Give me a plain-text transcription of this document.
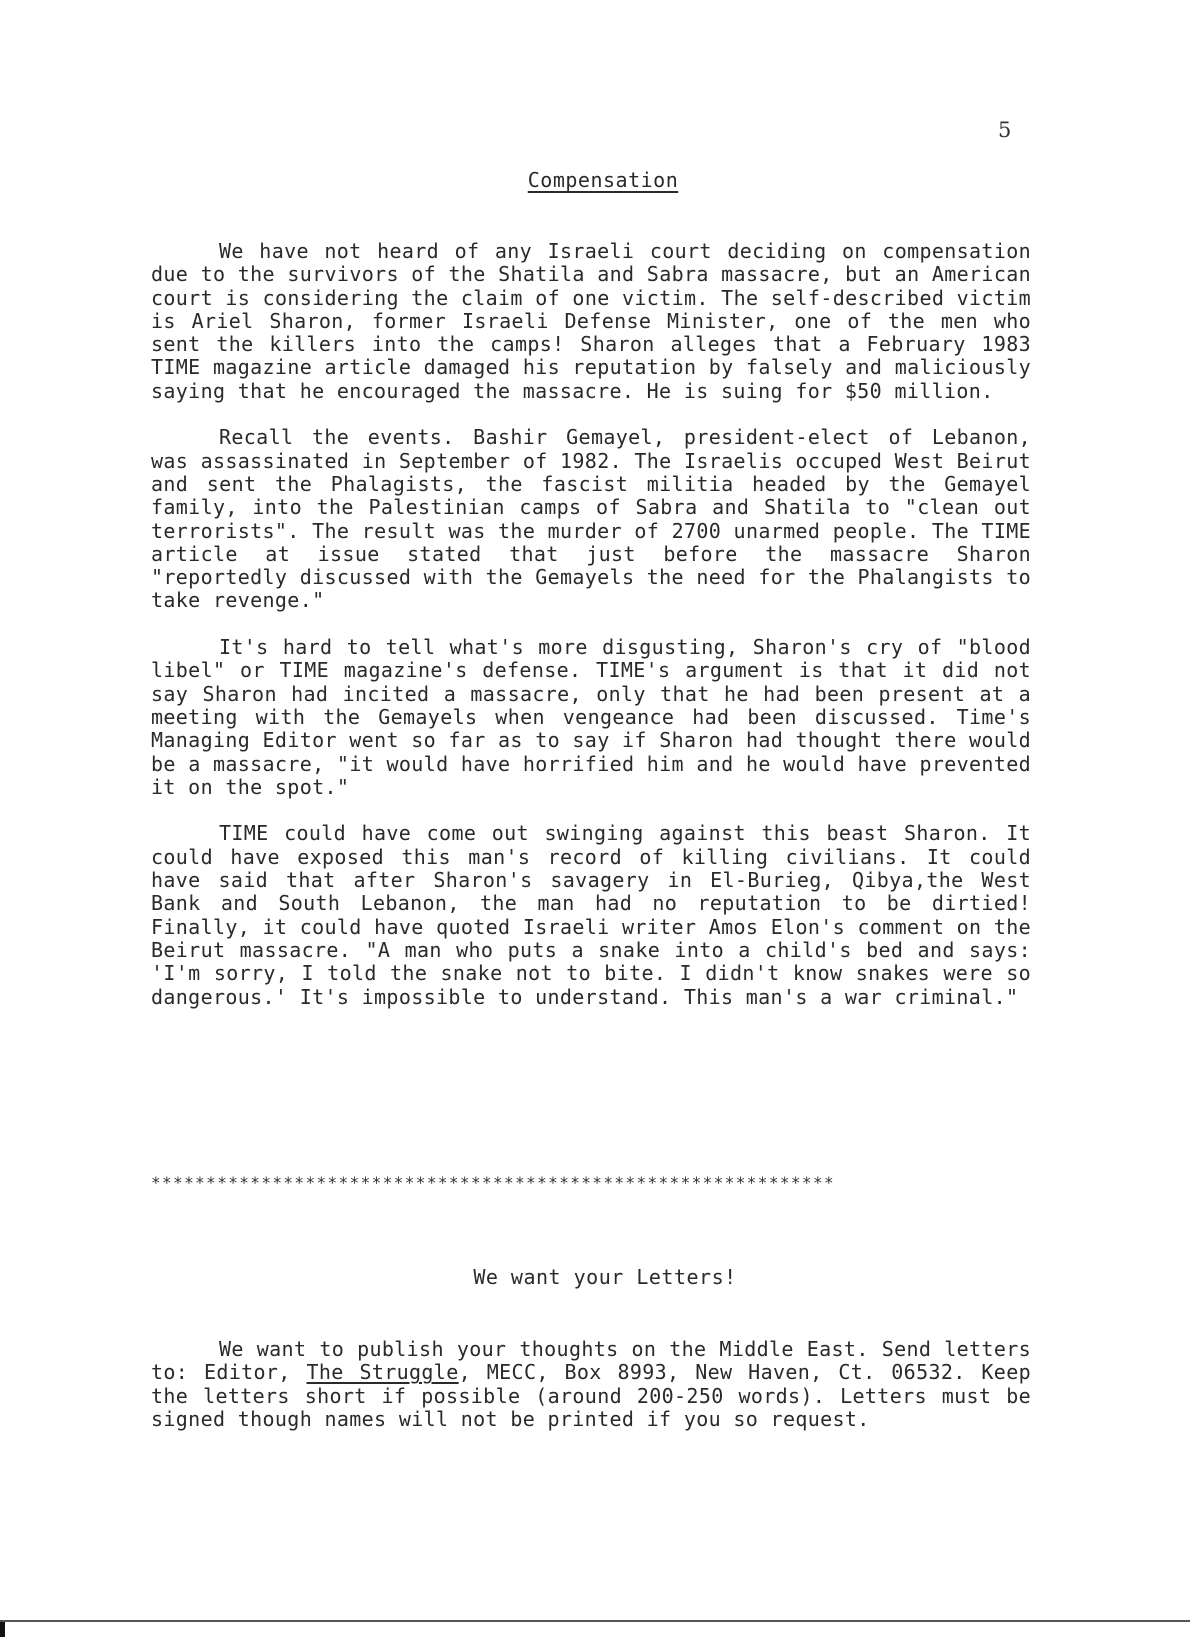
5
Compensation

We have not heard of any Israeli court deciding on compensation due to the survivors of the Shatila and Sabra massacre, but an American court is considering the claim of one victim. The self-described victim is Ariel Sharon, former Israeli Defense Minister, one of the men who sent the killers into the camps! Sharon alleges that a February 1983 TIME magazine article damaged his reputation by falsely and maliciously saying that he encouraged the massacre. He is suing for $50 million.

Recall the events. Bashir Gemayel, president-elect of Lebanon, was assassinated in September of 1982. The Israelis occuped West Beirut and sent the Phalagists, the fascist militia headed by the Gemayel family, into the Palestinian camps of Sabra and Shatila to "clean out terrorists". The result was the murder of 2700 unarmed people. The TIME article at issue stated that just before the massacre Sharon "reportedly discussed with the Gemayels the need for the Phalangists to take revenge."

It's hard to tell what's more disgusting, Sharon's cry of "blood libel" or TIME magazine's defense. TIME's argument is that it did not say Sharon had incited a massacre, only that he had been present at a meeting with the Gemayels when vengeance had been discussed. Time's Managing Editor went so far as to say if Sharon had thought there would be a massacre, "it would have horrified him and he would have prevented it on the spot."

TIME could have come out swinging against this beast Sharon. It could have exposed this man's record of killing civilians. It could have said that after Sharon's savagery in El-Burieg, Qibya,the West Bank and South Lebanon, the man had no reputation to be dirtied! Finally, it could have quoted Israeli writer Amos Elon's comment on the Beirut massacre. "A man who puts a snake into a child's bed and says: 'I'm sorry, I told the snake not to bite. I didn't know snakes were so dangerous.' It's impossible to understand. This man's a war criminal."

**************************************************************
We want your Letters!

We want to publish your thoughts on the Middle East. Send letters to: Editor, The Struggle, MECC, Box 8993, New Haven, Ct. 06532. Keep the letters short if possible (around 200-250 words). Letters must be signed though names will not be printed if you so request.
